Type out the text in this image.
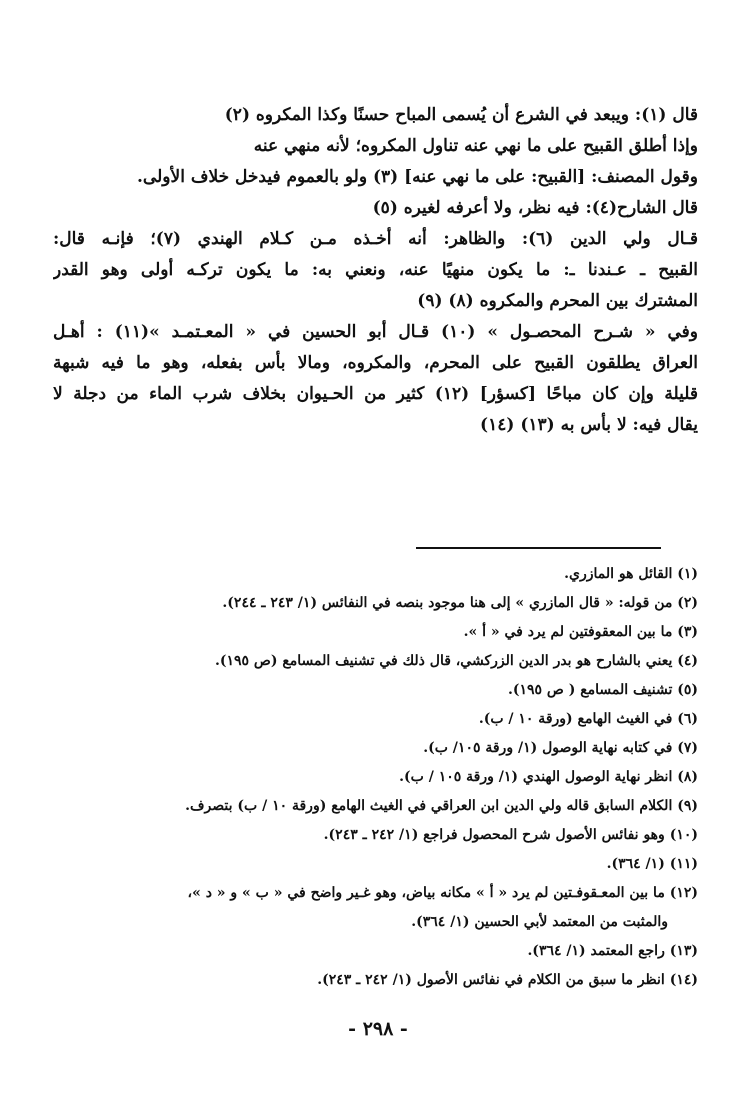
قال (١): ويبعد في الشرع أن يُسمى المباح حسنًا وكذا المكروه (٢)
وإذا أطلق القبيح على ما نهي عنه تناول المكروه؛ لأنه منهي عنه
وقول المصنف: [القبيح: على ما نهي عنه] (٣) ولو بالعموم فيدخل خلاف الأولى.
قال الشارح(٤): فيه نظر، ولا أعرفه لغيره (٥)
قـال ولي الدين (٦): والظاهر: أنه أخـذه مـن كـلام الهندي (٧)؛ فإنـه قال:
القبيح ـ عـندنا ـ: ما يكون منهيًا عنه، ونعني به: ما يكون تركـه أولى وهو القدر
المشترك بين المحرم والمكروه (٨) (٩)
وفي « شـرح المحصـول » (١٠) قـال أبو الحسين في « المعـتمـد »(١١) : أهـل
العراق يطلقون القبيح على المحرم، والمكروه، ومالا بأس بفعله، وهو ما فيه شبهة
قليلة وإن كان مباحًا [كسؤر] (١٢) كثير من الحـيوان بخلاف شرب الماء من دجلة لا
يقال فيه: لا بأس به (١٣) (١٤)
(١) القائل هو المازري.
(٢) من قوله: « قال المازري » إلى هنا موجود بنصه في النفائس (١/ ٢٤٣ ـ ٢٤٤).
(٣) ما بين المعقوفتين لم يرد في « أ ».
(٤) يعني بالشارح هو بدر الدين الزركشي، قال ذلك في تشنيف المسامع (ص ١٩٥).
(٥) تشنيف المسامع ( ص ١٩٥).
(٦) في الغيث الهامع (ورقة ١٠ / ب).
(٧) في كتابه نهاية الوصول (١/ ورقة ١٠٥/ ب).
(٨) انظر نهاية الوصول الهندي (١/ ورقة ١٠٥ / ب).
(٩) الكلام السابق قاله ولي الدين ابن العراقي في الغيث الهامع (ورقة ١٠ / ب) بتصرف.
(١٠) وهو نفائس الأصول شرح المحصول فراجع (١/ ٢٤٢ ـ ٢٤٣).
(١١) (١/ ٣٦٤).
(١٢) ما بين المعـقوفـتين لم يرد « أ » مكانه بياض، وهو غـير واضح في « ب » و « د »،
والمثبت من المعتمد لأبي الحسين (١/ ٣٦٤).
(١٣) راجع المعتمد (١/ ٣٦٤).
(١٤) انظر ما سبق من الكلام في نفائس الأصول (١/ ٢٤٢ ـ ٢٤٣).
- ٢٩٨ -
